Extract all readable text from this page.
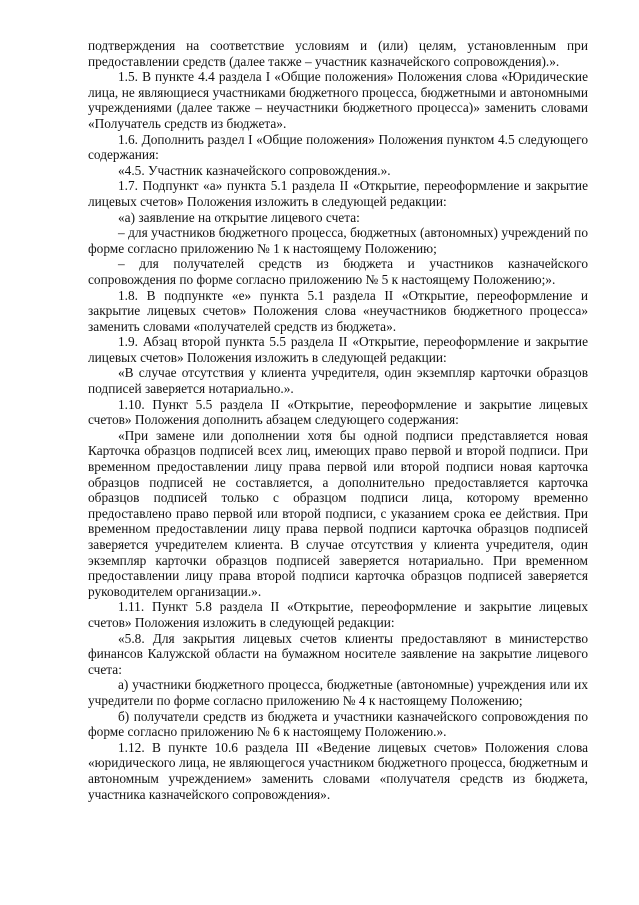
подтверждения на соответствие условиям и (или) целям, установленным при предоставлении средств (далее также – участник казначейского сопровождения).».

1.5. В пункте 4.4 раздела I «Общие положения» Положения слова «Юридические лица, не являющиеся участниками бюджетного процесса, бюджетными и автономными учреждениями (далее также – неучастники бюджетного процесса)» заменить словами «Получатель средств из бюджета».

1.6. Дополнить раздел I «Общие положения» Положения пунктом 4.5 следующего содержания:

«4.5. Участник казначейского сопровождения.».

1.7. Подпункт «а» пункта 5.1 раздела II «Открытие, переоформление и закрытие лицевых счетов» Положения изложить в следующей редакции:

«а) заявление на открытие лицевого счета:

– для участников бюджетного процесса, бюджетных (автономных) учреждений по форме согласно приложению № 1 к настоящему Положению;

– для получателей средств из бюджета и участников казначейского сопровождения по форме согласно приложению № 5 к настоящему Положению;».

1.8. В подпункте «е» пункта 5.1 раздела II «Открытие, переоформление и закрытие лицевых счетов» Положения слова «неучастников бюджетного процесса» заменить словами «получателей средств из бюджета».

1.9. Абзац второй пункта 5.5 раздела II «Открытие, переоформление и закрытие лицевых счетов» Положения изложить в следующей редакции:

«В случае отсутствия у клиента учредителя, один экземпляр карточки образцов подписей заверяется нотариально.».

1.10. Пункт 5.5 раздела II «Открытие, переоформление и закрытие лицевых счетов» Положения дополнить абзацем следующего содержания:

«При замене или дополнении хотя бы одной подписи представляется новая Карточка образцов подписей всех лиц, имеющих право первой и второй подписи. При временном предоставлении лицу права первой или второй подписи новая карточка образцов подписей не составляется, а дополнительно предоставляется карточка образцов подписей только с образцом подписи лица, которому временно предоставлено право первой или второй подписи, с указанием срока ее действия. При временном предоставлении лицу права первой подписи карточка образцов подписей заверяется учредителем клиента. В случае отсутствия у клиента учредителя, один экземпляр карточки образцов подписей заверяется нотариально. При временном предоставлении лицу права второй подписи карточка образцов подписей заверяется руководителем организации.».

1.11. Пункт 5.8 раздела II «Открытие, переоформление и закрытие лицевых счетов» Положения изложить в следующей редакции:

«5.8. Для закрытия лицевых счетов клиенты предоставляют в министерство финансов Калужской области на бумажном носителе заявление на закрытие лицевого счета:

а) участники бюджетного процесса, бюджетные (автономные) учреждения или их учредители по форме согласно приложению № 4 к настоящему Положению;

б) получатели средств из бюджета и участники казначейского сопровождения по форме согласно приложению № 6 к настоящему Положению.».

1.12. В пункте 10.6 раздела III «Ведение лицевых счетов» Положения слова «юридического лица, не являющегося участником бюджетного процесса, бюджетным и автономным учреждением» заменить словами «получателя средств из бюджета, участника казначейского сопровождения».
